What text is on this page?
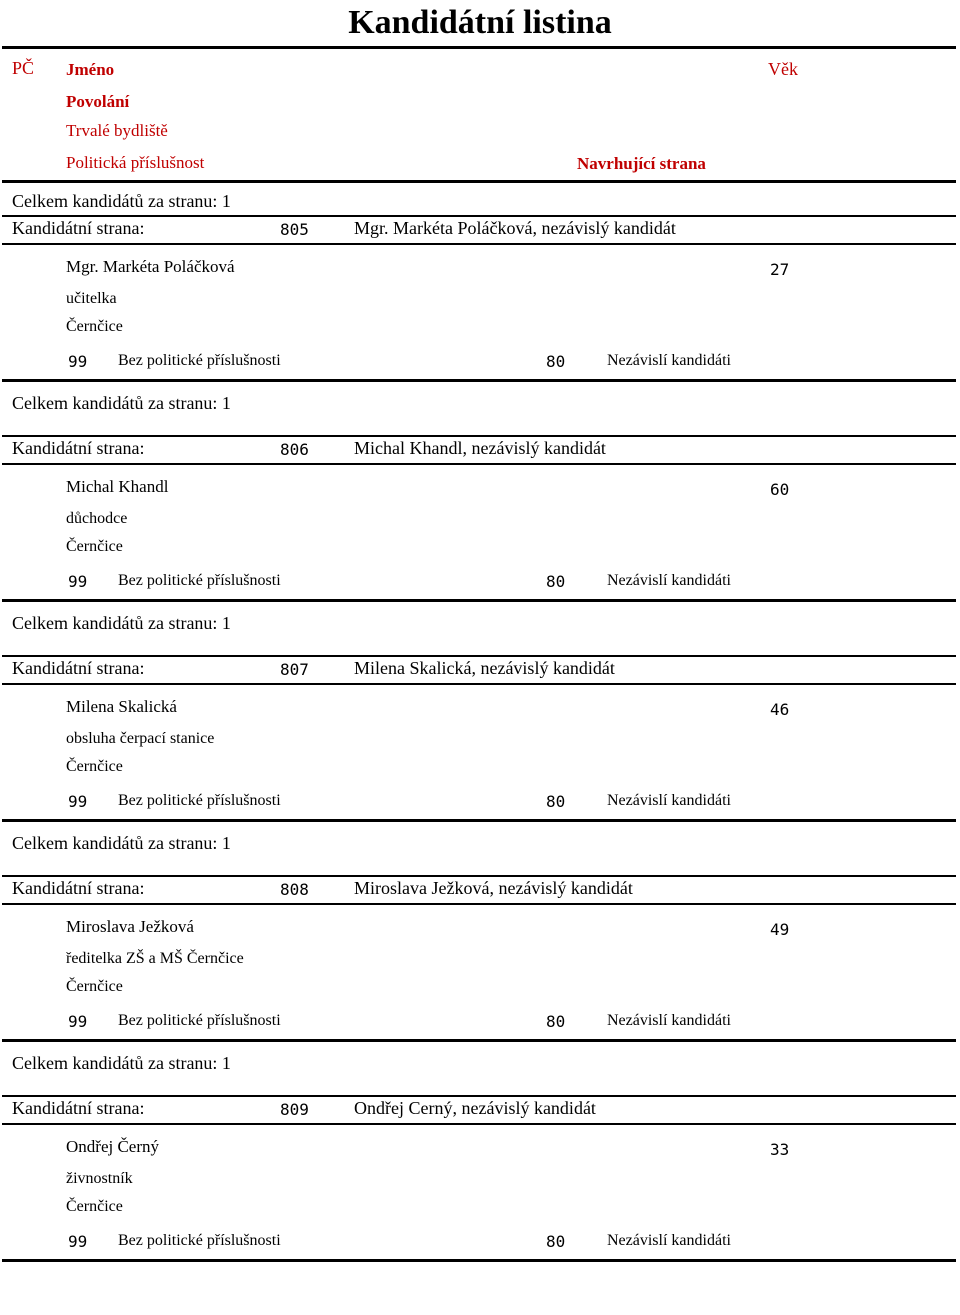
Kandidátní listina
PČ Jméno	Věk
Povolání
Trvalé bydliště
Politická příslušnost	Navrhující strana
Celkem kandidátů za stranu: 1
Kandidátní strana:	805	Mgr. Markéta Poláčková, nezávislý kandidát
Mgr. Markéta Poláčková	27
učitelka
Černčice
99 Bez politické příslušnosti	80	Nezávislí kandidáti
Celkem kandidátů za stranu: 1
Kandidátní strana:	806	Michal Khandl, nezávislý kandidát
Michal Khandl	60
důchodce
Černčice
99 Bez politické příslušnosti	80	Nezávislí kandidáti
Celkem kandidátů za stranu: 1
Kandidátní strana:	807	Milena Skalická, nezávislý kandidát
Milena Skalická	46
obsluha čerpací stanice
Černčice
99 Bez politické příslušnosti	80	Nezávislí kandidáti
Celkem kandidátů za stranu: 1
Kandidátní strana:	808	Miroslava Ježková, nezávislý kandidát
Miroslava Ježková	49
ředitelka ZŠ a MŠ Černčice
Černčice
99 Bez politické příslušnosti	80	Nezávislí kandidáti
Celkem kandidátů za stranu: 1
Kandidátní strana:	809	Ondřej Cerný, nezávislý kandidát
Ondřej Černý	33
živnostník
Černčice
99 Bez politické příslušnosti	80	Nezávislí kandidáti
